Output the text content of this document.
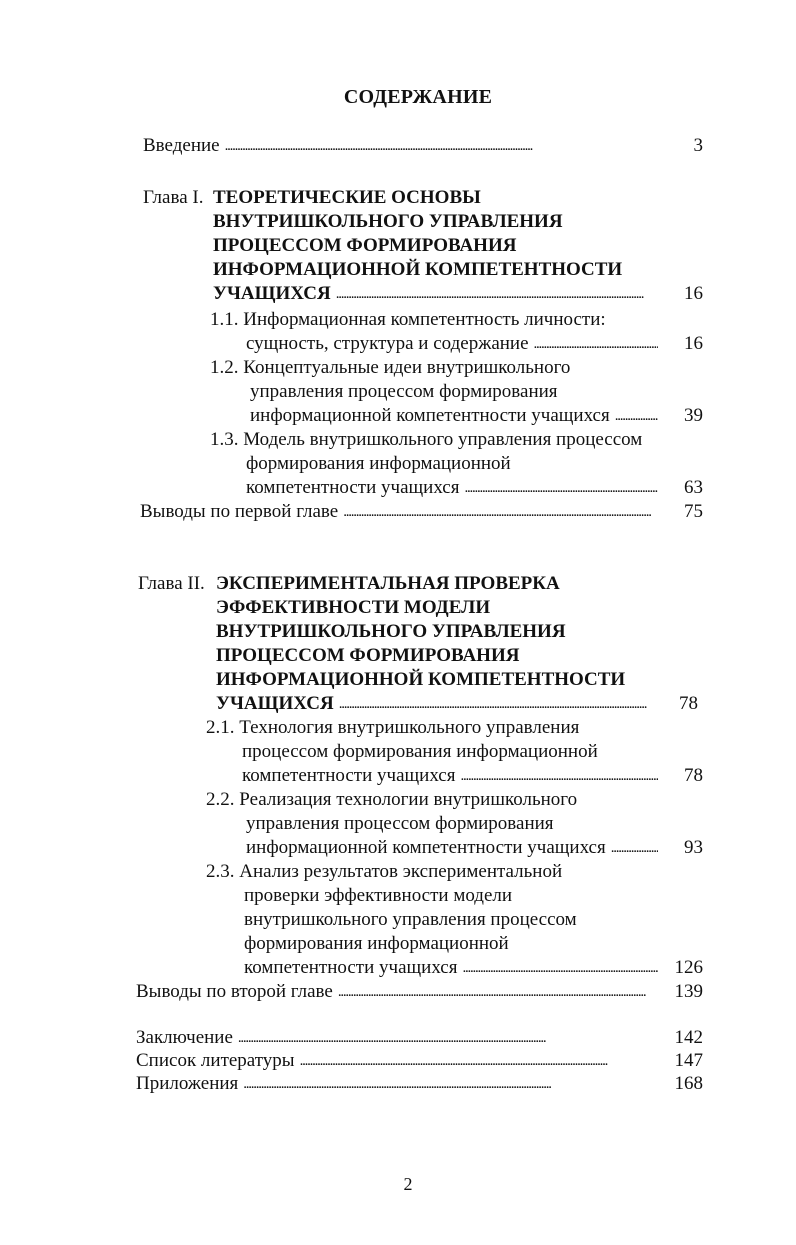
СОДЕРЖАНИЕ
Введение . . .	3
Глава I. ТЕОРЕТИЧЕСКИЕ ОСНОВЫ
ВНУТРИШКОЛЬНОГО УПРАВЛЕНИЯ
ПРОЦЕССОМ ФОРМИРОВАНИЯ
ИНФОРМАЦИОННОЙ КОМПЕТЕНТНОСТИ
УЧАЩИХСЯ . . .	16
1.1. Информационная компетентность личности:
сущность, структура и содержание . . .	16
1.2. Концептуальные идеи внутришкольного
управления процессом формирования
информационной компетентности учащихся . . .	39
1.3. Модель внутришкольного управления процессом
формирования информационной
компетентности учащихся . . .	63
Выводы по первой главе . . .	75
Глава II. ЭКСПЕРИМЕНТАЛЬНАЯ ПРОВЕРКА
ЭФФЕКТИВНОСТИ МОДЕЛИ
ВНУТРИШКОЛЬНОГО УПРАВЛЕНИЯ
ПРОЦЕССОМ ФОРМИРОВАНИЯ
ИНФОРМАЦИОННОЙ КОМПЕТЕНТНОСТИ
УЧАЩИХСЯ . . .	78
2.1. Технология внутришкольного управления
процессом формирования информационной
компетентности учащихся . . .	78
2.2. Реализация технологии внутришкольного
управления процессом формирования
информационной компетентности учащихся . . .	93
2.3. Анализ результатов экспериментальной
проверки эффективности модели
внутришкольного управления процессом
формирования информационной
компетентности учащихся . . .	126
Выводы по второй главе . . .	139
Заключение . . .	142
Список литературы . . .	147
Приложения . . .	168
2
